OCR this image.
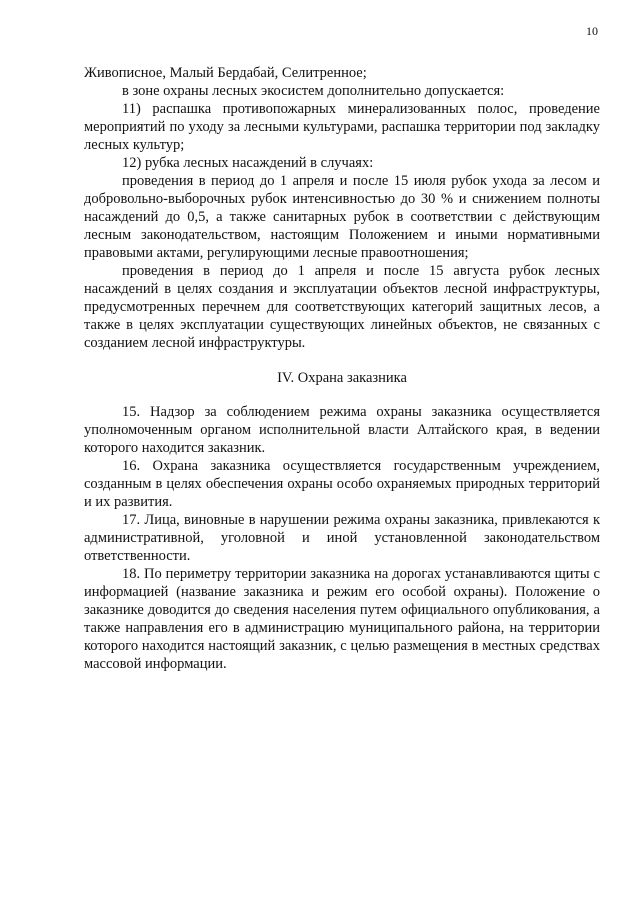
10

Живописное, Малый Бердабай, Селитренное;

в зоне охраны лесных экосистем дополнительно допускается:

11) распашка противопожарных минерализованных полос, проведение мероприятий по уходу за лесными культурами, распашка территории под закладку лесных культур;

12) рубка лесных насаждений в случаях:

проведения в период до 1 апреля и после 15 июля рубок ухода за лесом и добровольно-выборочных рубок интенсивностью до 30 % и снижением полноты насаждений до 0,5, а также санитарных рубок в соответствии с действующим лесным законодательством, настоящим Положением и иными нормативными правовыми актами, регулирующими лесные правоотношения;

проведения в период до 1 апреля и после 15 августа рубок лесных насаждений в целях создания и эксплуатации объектов лесной инфраструктуры, предусмотренных перечнем для соответствующих категорий защитных лесов, а также в целях эксплуатации существующих линейных объектов, не связанных с созданием лесной инфраструктуры.

IV. Охрана заказника

15. Надзор за соблюдением режима охраны заказника осуществляется уполномоченным органом исполнительной власти Алтайского края, в ведении которого находится заказник.

16. Охрана заказника осуществляется государственным учреждением, созданным в целях обеспечения охраны особо охраняемых природных территорий и их развития.

17. Лица, виновные в нарушении режима охраны заказника, привлекаются к административной, уголовной и иной установленной законодательством ответственности.

18. По периметру территории заказника на дорогах устанавливаются щиты с информацией (название заказника и режим его особой охраны). Положение о заказнике доводится до сведения населения путем официального опубликования, а также направления его в администрацию муниципального района, на территории которого находится настоящий заказник, с целью размещения в местных средствах массовой информации.
